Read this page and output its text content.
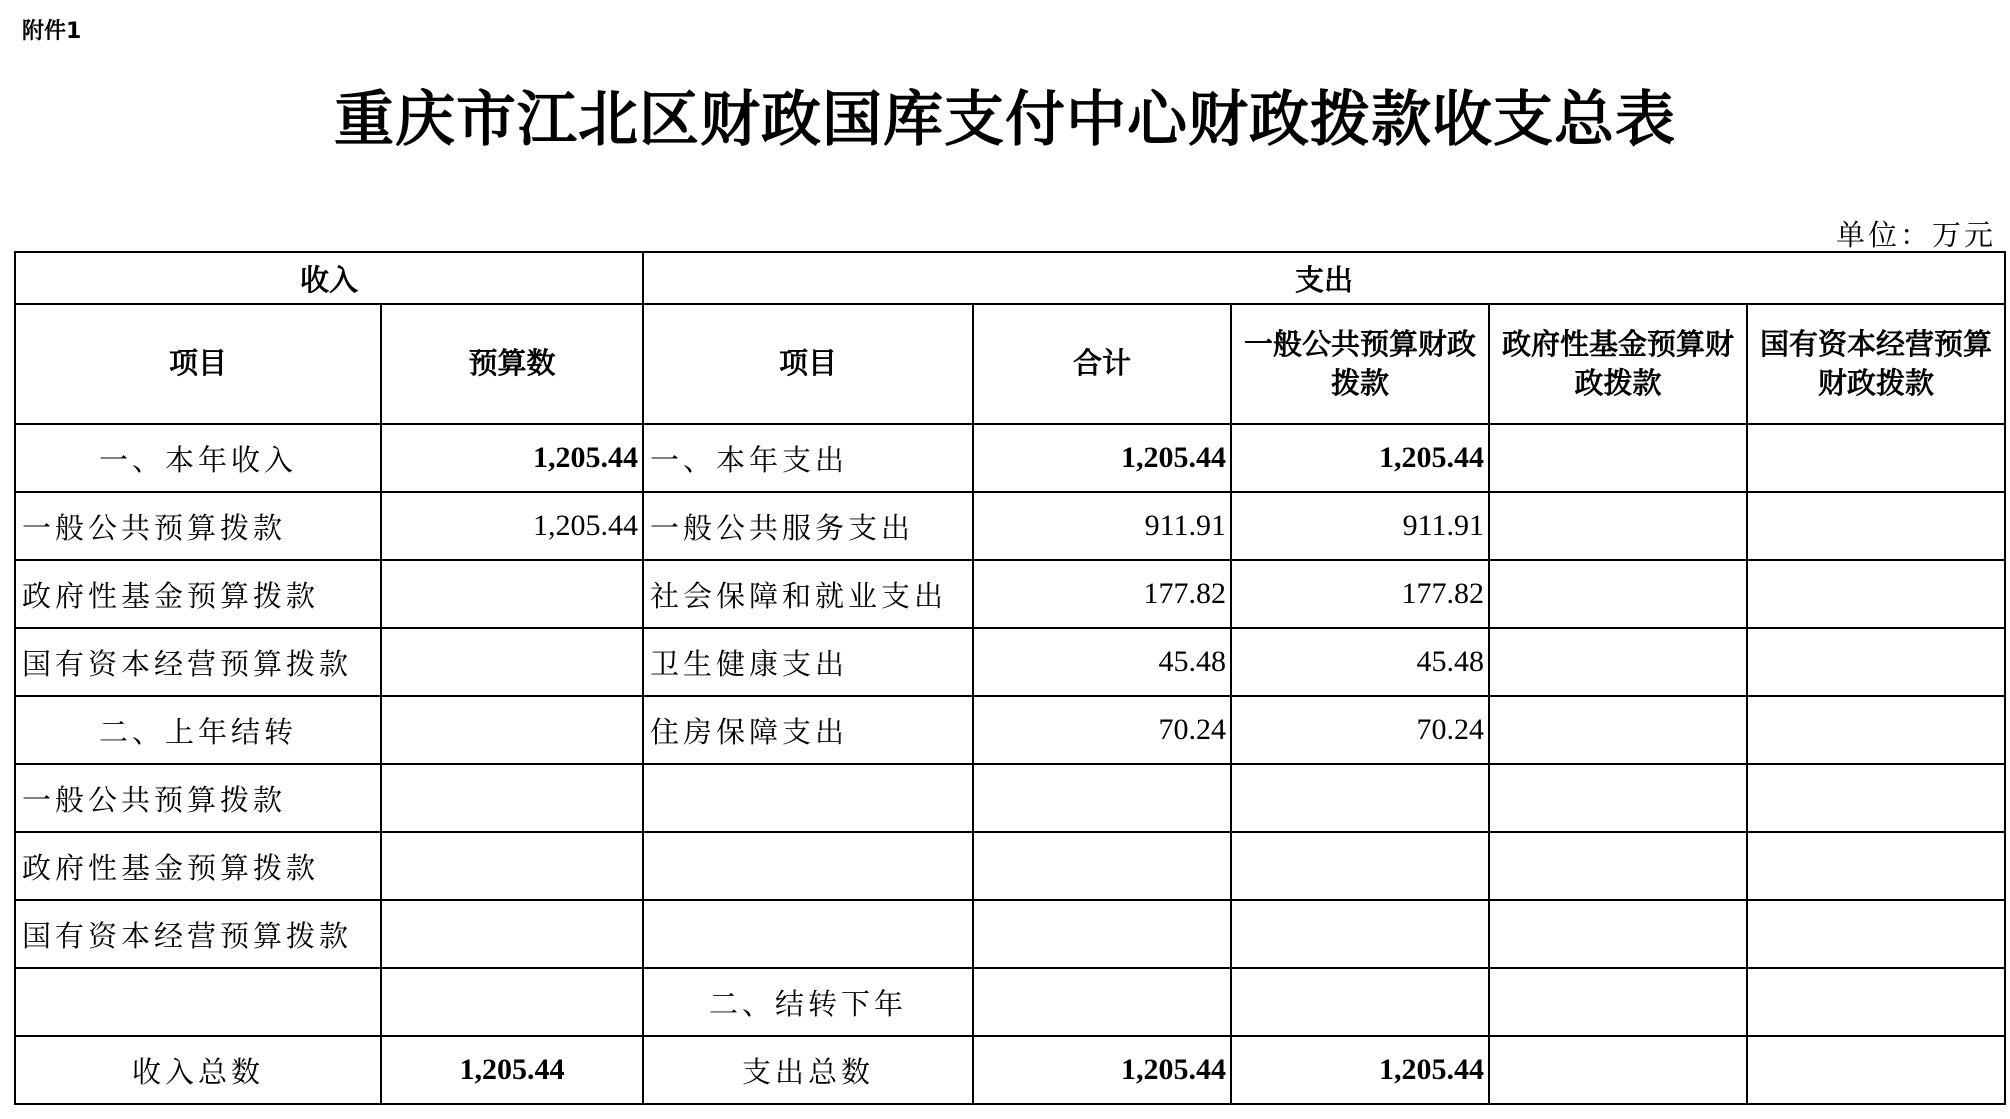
附件1
重庆市江北区财政国库支付中心财政拨款收支总表
单位：万元
收入		支出				
项目	预算数	项目	合计	一般公共预算财政拨款	政府性基金预算财政拨款	国有资本经营预算财政拨款
一、本年收入	1,205.44	一、本年支出	1,205.44	1,205.44		
一般公共预算拨款	1,205.44	一般公共服务支出	911.91	911.91		
政府性基金预算拨款		社会保障和就业支出	177.82	177.82		
国有资本经营预算拨款		卫生健康支出	45.48	45.48		
二、上年结转		住房保障支出	70.24	70.24		
一般公共预算拨款						
政府性基金预算拨款						
国有资本经营预算拨款						
		二、结转下年				
收入总数	1,205.44	支出总数	1,205.44	1,205.44		
